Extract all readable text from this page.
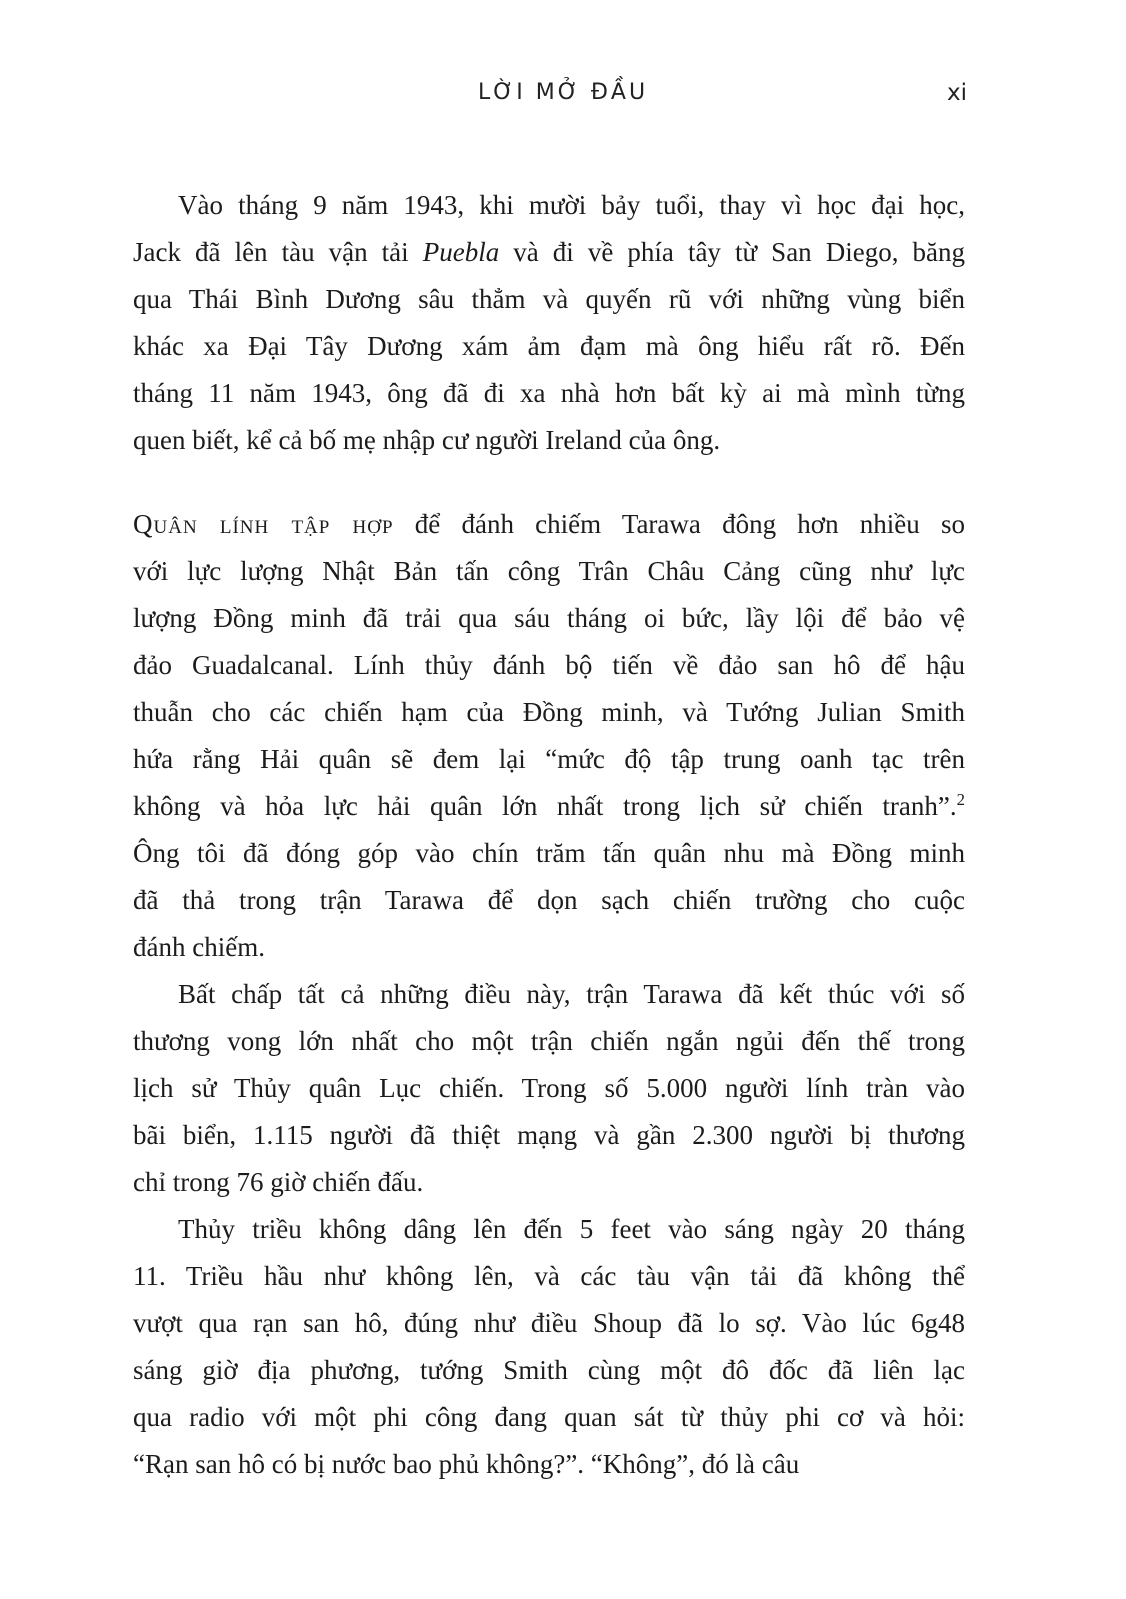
LỜI MỞ ĐẦU	xi
Vào tháng 9 năm 1943, khi mười bảy tuổi, thay vì học đại học,
Jack đã lên tàu vận tải Puebla và đi về phía tây từ San Diego, băng
qua Thái Bình Dương sâu thẳm và quyến rũ với những vùng biển
khác xa Đại Tây Dương xám ảm đạm mà ông hiểu rất rõ. Đến
tháng 11 năm 1943, ông đã đi xa nhà hơn bất kỳ ai mà mình từng
quen biết, kể cả bố mẹ nhập cư người Ireland của ông.
Quân lính tập hợp để đánh chiếm Tarawa đông hơn nhiều so
với lực lượng Nhật Bản tấn công Trân Châu Cảng cũng như lực
lượng Đồng minh đã trải qua sáu tháng oi bức, lầy lội để bảo vệ
đảo Guadalcanal. Lính thủy đánh bộ tiến về đảo san hô để hậu
thuẫn cho các chiến hạm của Đồng minh, và Tướng Julian Smith
hứa rằng Hải quân sẽ đem lại “mức độ tập trung oanh tạc trên
không và hỏa lực hải quân lớn nhất trong lịch sử chiến tranh”.$^2$
Ông tôi đã đóng góp vào chín trăm tấn quân nhu mà Đồng minh
đã thả trong trận Tarawa để dọn sạch chiến trường cho cuộc
đánh chiếm.
Bất chấp tất cả những điều này, trận Tarawa đã kết thúc với số
thương vong lớn nhất cho một trận chiến ngắn ngủi đến thế trong
lịch sử Thủy quân Lục chiến. Trong số 5.000 người lính tràn vào
bãi biển, 1.115 người đã thiệt mạng và gần 2.300 người bị thương
chỉ trong 76 giờ chiến đấu.
Thủy triều không dâng lên đến 5 feet vào sáng ngày 20 tháng
11. Triều hầu như không lên, và các tàu vận tải đã không thể
vượt qua rạn san hô, đúng như điều Shoup đã lo sợ. Vào lúc 6g48
sáng giờ địa phương, tướng Smith cùng một đô đốc đã liên lạc
qua radio với một phi công đang quan sát từ thủy phi cơ và hỏi:
“Rạn san hô có bị nước bao phủ không?”. “Không”, đó là câu
